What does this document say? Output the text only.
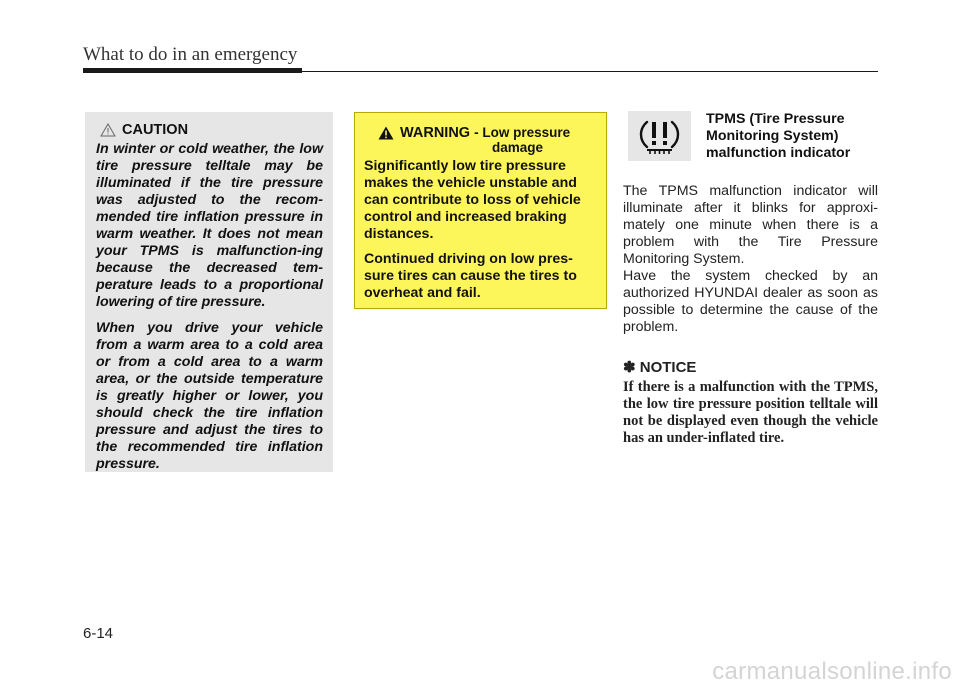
What to do in an emergency
CAUTION

In winter or cold weather, the low tire pressure telltale may be illuminated if the tire pressure was adjusted to the recom-mended tire inflation pressure in warm weather. It does not mean your TPMS is malfunction-ing because the decreased tem-perature leads to a proportional lowering of tire pressure.

When you drive your vehicle from a warm area to a cold area or from a cold area to a warm area, or the outside temperature is greatly higher or lower, you should check the tire inflation pressure and adjust the tires to the recommended tire inflation pressure.

WARNING - Low pressure
damage

Significantly low tire pressure makes the vehicle unstable and can contribute to loss of vehicle control and increased braking distances.

Continued driving on low pres-sure tires can cause the tires to overheat and fail.

TPMS (Tire Pressure Monitoring System) malfunction indicator

The TPMS malfunction indicator will illuminate after it blinks for approxi-mately one minute when there is a problem with the Tire Pressure Monitoring System.

Have the system checked by an authorized HYUNDAI dealer as soon as possible to determine the cause of the problem.

✽ NOTICE

If there is a malfunction with the TPMS, the low tire pressure position telltale will not be displayed even though the vehicle has an under-inflated tire.

6-14
carmanualsonline.info
